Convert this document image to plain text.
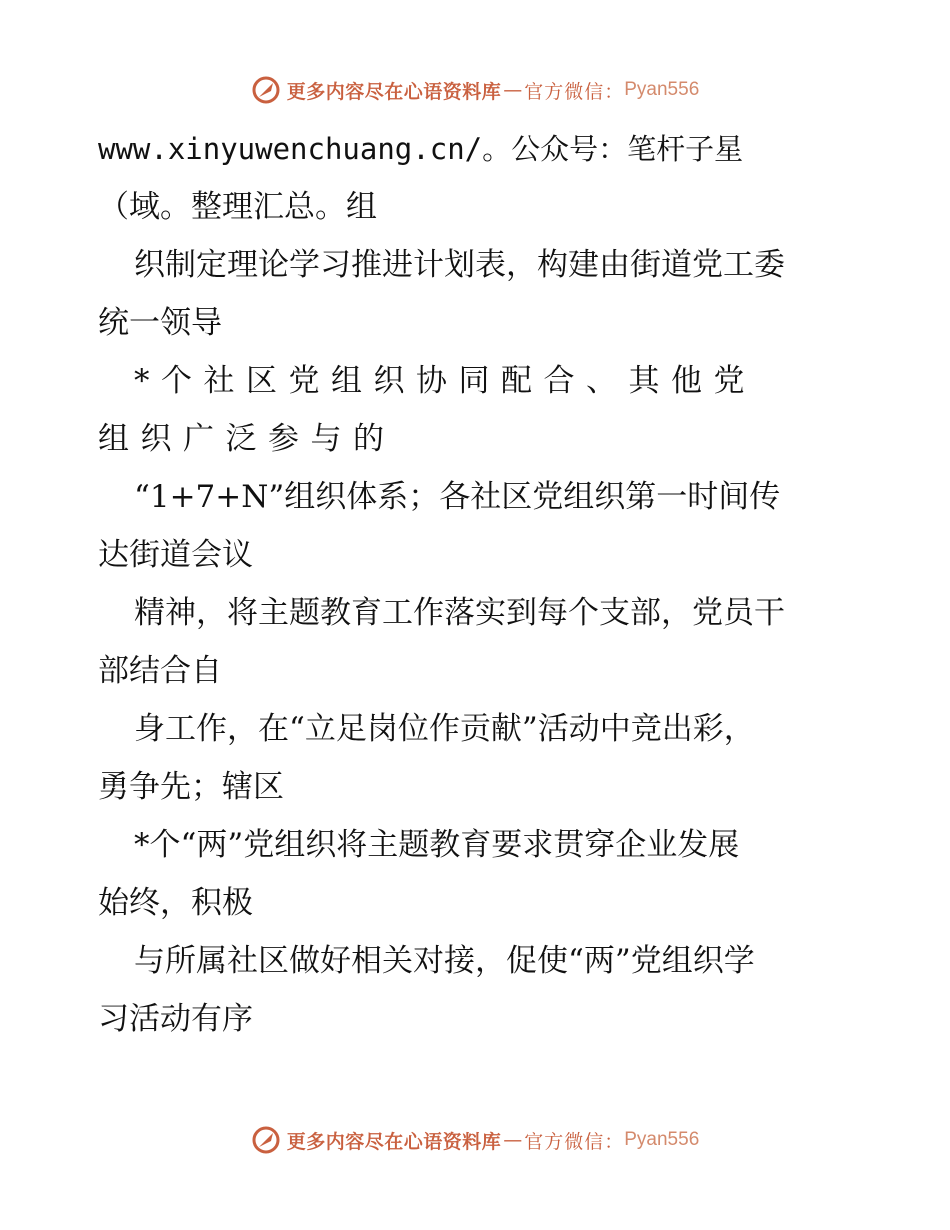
更多内容尽在心语资料库 — 官方微信： Pyan556
www.xinyuwenchuang.cn/。公众号：笔杆子星
（域。整理汇总。组
织制定理论学习推进计划表，构建由街道党工委
统一领导
*个社区党组织协同配合、其他党
组织广泛参与的
“1+7+N”组织体系；各社区党组织第一时间传
达街道会议
精神，将主题教育工作落实到每个支部，党员干
部结合自
身工作，在“立足岗位作贡献”活动中竞出彩，
勇争先；辖区
*个“两”党组织将主题教育要求贯穿企业发展
始终，积极
与所属社区做好相关对接，促使“两”党组织学
习活动有序
更多内容尽在心语资料库 — 官方微信： Pyan556
